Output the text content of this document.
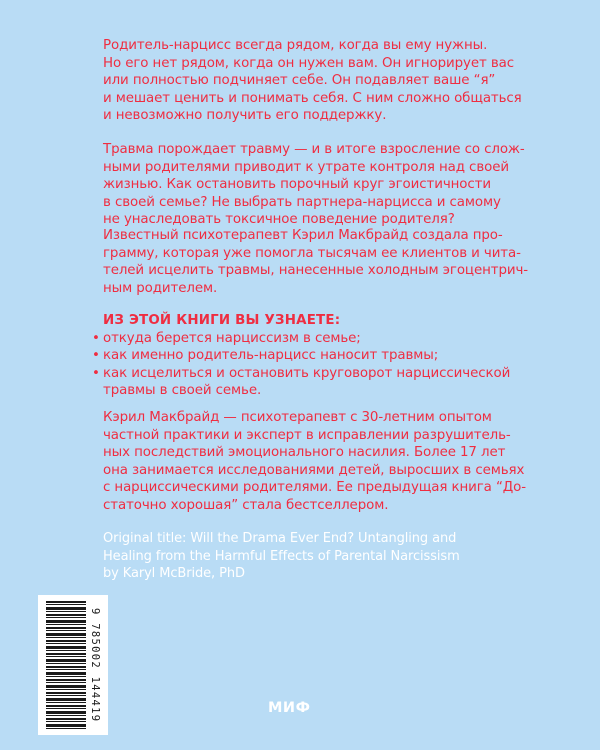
Родитель-нарцисс всегда рядом, когда вы ему нужны.
Но его нет рядом, когда он нужен вам. Он игнорирует вас
или полностью подчиняет себе. Он подавляет ваше “я”
и мешает ценить и понимать себя. С ним сложно общаться
и невозможно получить его поддержку.
Травма порождает травму — и в итоге взросление со слож-
ными родителями приводит к утрате контроля над своей
жизнью. Как остановить порочный круг эгоистичности
в своей семье? Не выбрать партнера-нарцисса и самому
не унаследовать токсичное поведение родителя?
Известный психотерапевт Кэрил Макбрайд создала про-
грамму, которая уже помогла тысячам ее клиентов и чита-
телей исцелить травмы, нанесенные холодным эгоцентрич-
ным родителем.
ИЗ ЭТОЙ КНИГИ ВЫ УЗНАЕТЕ:
• откуда берется нарциссизм в семье;
• как именно родитель-нарцисс наносит травмы;
• как исцелиться и остановить круговорот нарциссической
травмы в своей семье.
Кэрил Макбрайд — психотерапевт с 30-летним опытом
частной практики и эксперт в исправлении разрушитель-
ных последствий эмоционального насилия. Более 17 лет
она занимается исследованиями детей, выросших в семьях
с нарциссическими родителями. Ее предыдущая книга “До-
статочно хорошая” стала бестселлером.
Original title: Will the Drama Ever End? Untangling and
Healing from the Harmful Effects of Parental Narcissism
by Karyl McBride, PhD
9 785002 144419	МИФ
